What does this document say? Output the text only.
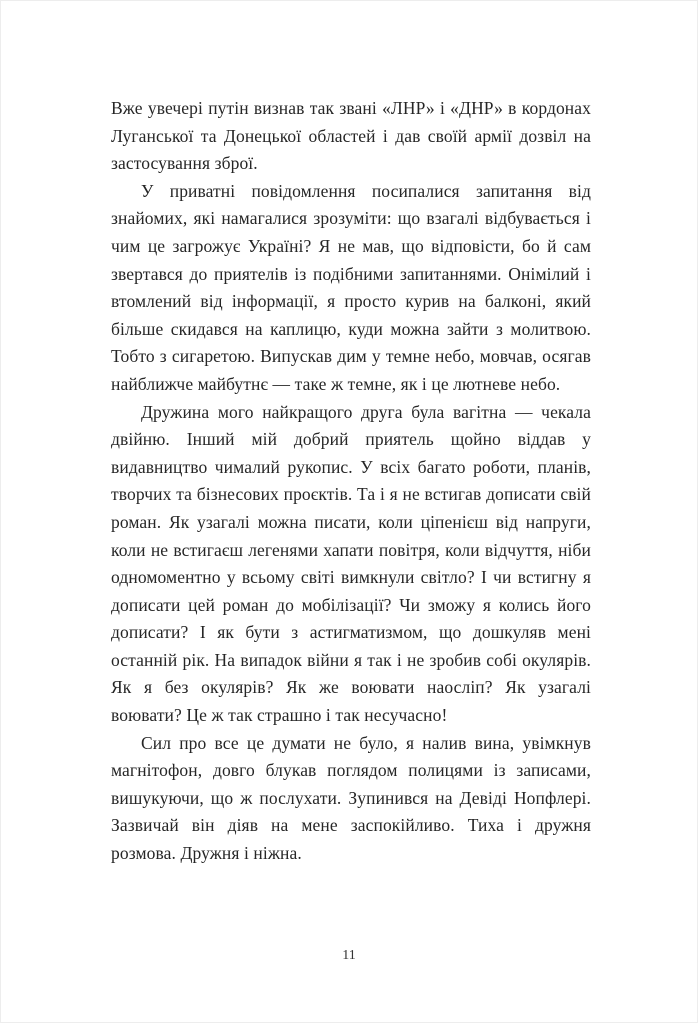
Вже увечері путін визнав так звані «ЛНР» і «ДНР» в кордонах Луганської та Донецької областей і дав своїй армії дозвіл на застосування зброї.

У приватні повідомлення посипалися запитання від знайомих, які намагалися зрозуміти: що взагалі відбувається і чим це загрожує Україні? Я не мав, що відповісти, бо й сам звертався до приятелів із подібними запитаннями. Онімілий і втомлений від інформації, я просто курив на балконі, який більше скидався на каплицю, куди можна зайти з молитвою. Тобто з сигаретою. Випускав дим у темне небо, мовчав, осягав найближче майбутнє — таке ж темне, як і це лютневе небо.

Дружина мого найкращого друга була вагітна — чекала двійню. Інший мій добрий приятель щойно віддав у видавництво чималий рукопис. У всіх багато роботи, планів, творчих та бізнесових проєктів. Та і я не встигав дописати свій роман. Як узагалі можна писати, коли ціпенієш від напруги, коли не встигаєш легенями хапати повітря, коли відчуття, ніби одномоментно у всьому світі вимкнули світло? І чи встигну я дописати цей роман до мобілізації? Чи зможу я колись його дописати? І як бути з астигматизмом, що дошкуляв мені останній рік. На випадок війни я так і не зробив собі окулярів. Як я без окулярів? Як же воювати наосліп? Як узагалі воювати? Це ж так страшно і так несучасно!

Сил про все це думати не було, я налив вина, увімкнув магнітофон, довго блукав поглядом полицями із записами, вишукуючи, що ж послухати. Зупинився на Девіді Нопфлері. Зазвичай він діяв на мене заспокійливо. Тиха і дружня розмова. Дружня і ніжна.

11
